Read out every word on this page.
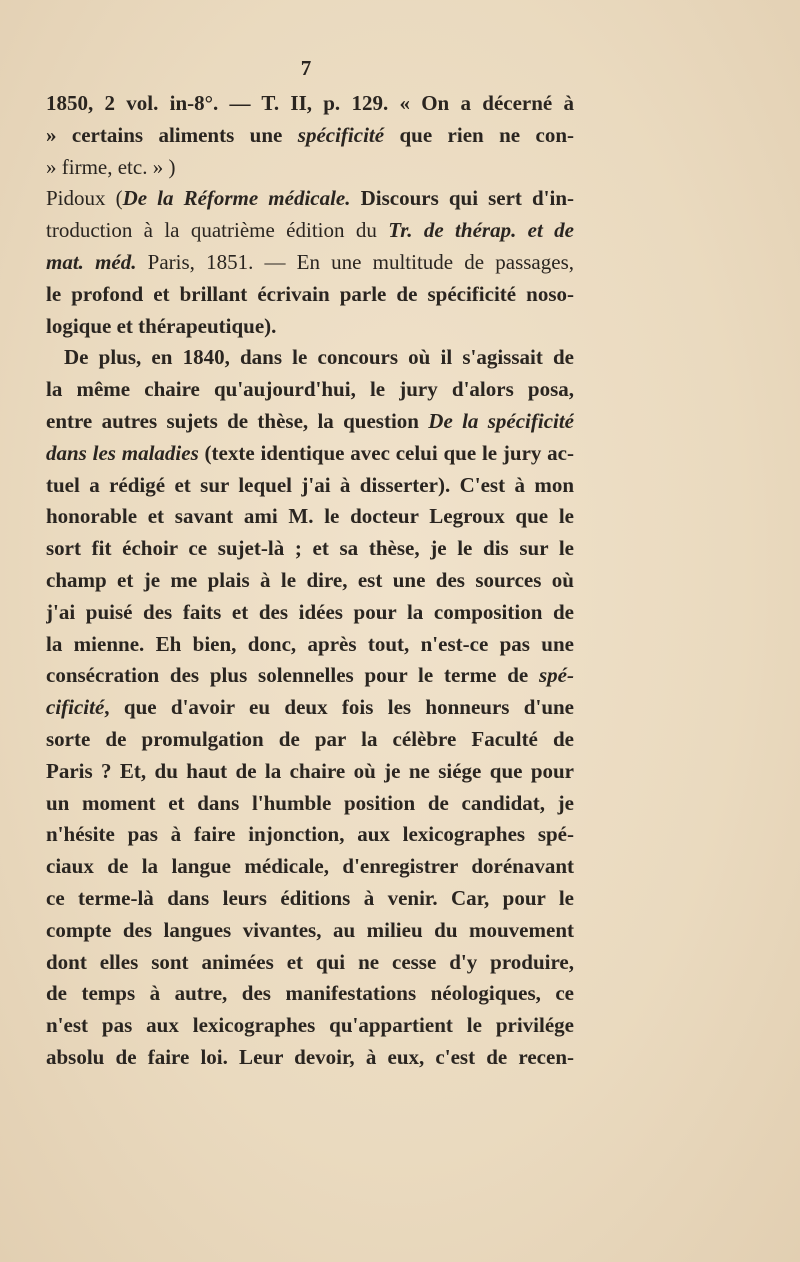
7
1850, 2 vol. in-8°. — T. II, p. 129. « On a décerné à
» certains aliments une spécificité que rien ne con-
» firme, etc. » )
Pidoux (De la Réforme médicale. Discours qui sert d'in-
troduction à la quatrième édition du Tr. de thérap. et de
mat. méd. Paris, 1851. — En une multitude de passages,
le profond et brillant écrivain parle de spécificité noso-
logique et thérapeutique).
De plus, en 1840, dans le concours où il s'agissait de
la même chaire qu'aujourd'hui, le jury d'alors posa,
entre autres sujets de thèse, la question De la spécificité
dans les maladies (texte identique avec celui que le jury ac-
tuel a rédigé et sur lequel j'ai à disserter). C'est à mon
honorable et savant ami M. le docteur Legroux que le
sort fit échoir ce sujet-là ; et sa thèse, je le dis sur le
champ et je me plais à le dire, est une des sources où
j'ai puisé des faits et des idées pour la composition de
la mienne. Eh bien, donc, après tout, n'est-ce pas une
consécration des plus solennelles pour le terme de spé-
cificité, que d'avoir eu deux fois les honneurs d'une
sorte de promulgation de par la célèbre Faculté de
Paris ? Et, du haut de la chaire où je ne siége que pour
un moment et dans l'humble position de candidat, je
n'hésite pas à faire injonction, aux lexicographes spé-
ciaux de la langue médicale, d'enregistrer dorénavant
ce terme-là dans leurs éditions à venir. Car, pour le
compte des langues vivantes, au milieu du mouvement
dont elles sont animées et qui ne cesse d'y produire,
de temps à autre, des manifestations néologiques, ce
n'est pas aux lexicographes qu'appartient le privilége
absolu de faire loi. Leur devoir, à eux, c'est de recen-
